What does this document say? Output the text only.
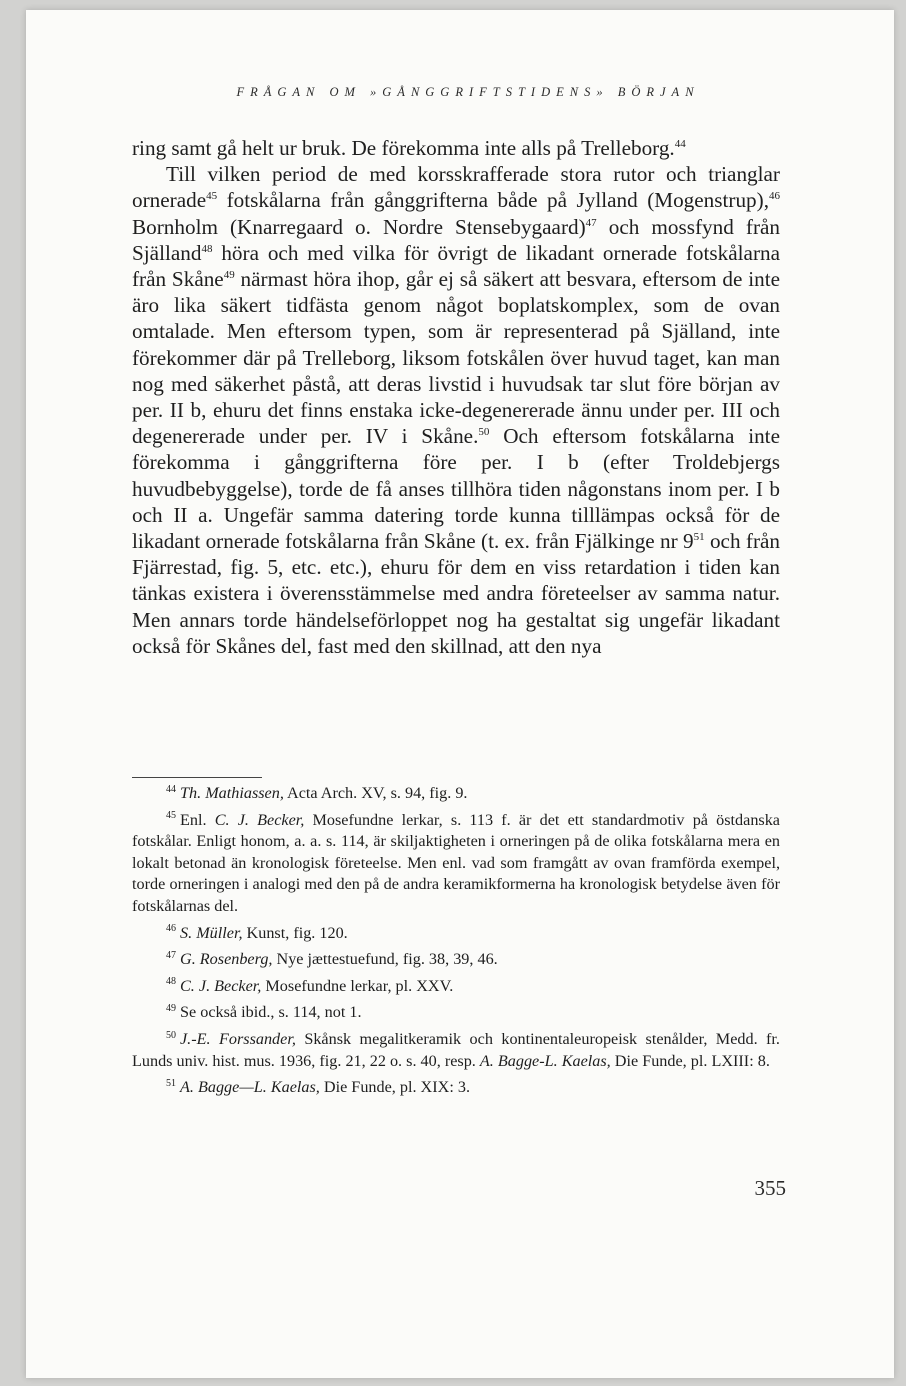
FRÅGAN OM »GÅNGGRIFTSTIDENS» BÖRJAN

ring samt gå helt ur bruk. De förekomma inte alls på Trelleborg.$^{44}$

Till vilken period de med korsskrafferade stora rutor och trianglar ornerade$^{45}$ fotskålarna från gånggrifterna både på Jylland (Mogenstrup),$^{46}$ Bornholm (Knarregaard o. Nordre Stensebygaard)$^{47}$ och mossfynd från Själland$^{48}$ höra och med vilka för övrigt de likadant ornerade fotskålarna från Skåne$^{49}$ närmast höra ihop, går ej så säkert att besvara, eftersom de inte äro lika säkert tidfästa genom något boplatskomplex, som de ovan omtalade. Men eftersom typen, som är representerad på Själland, inte förekommer där på Trelleborg, liksom fotskålen över huvud taget, kan man nog med säkerhet påstå, att deras livstid i huvudsak tar slut före början av per. II b, ehuru det finns enstaka icke-degenererade ännu under per. III och degenererade under per. IV i Skåne.$^{50}$ Och eftersom fotskålarna inte förekomma i gånggrifterna före per. I b (efter Troldebjergs huvudbebyggelse), torde de få anses tillhöra tiden någonstans inom per. I b och II a. Ungefär samma datering torde kunna tilllämpas också för de likadant ornerade fotskålarna från Skåne (t. ex. från Fjälkinge nr $9^{51}$ och från Fjärrestad, fig. 5, etc. etc.), ehuru för dem en viss retardation i tiden kan tänkas existera i överensstämmelse med andra företeelser av samma natur. Men annars torde händelseförloppet nog ha gestaltat sig ungefär likadant också för Skånes del, fast med den skillnad, att den nya

$^{44}$ Th. Mathiassen, Acta Arch. XV, s. 94, fig. 9.

$^{45}$ Enl. C. J. Becker, Mosefundne lerkar, s. 113 f. är det ett standardmotiv på östdanska fotskålar. Enligt honom, a. a. s. 114, är skiljaktigheten i orneringen på de olika fotskålarna mera en lokalt betonad än kronologisk företeelse. Men enl. vad som framgått av ovan framförda exempel, torde orneringen i analogi med den på de andra keramikformerna ha kronologisk betydelse även för fotskålarnas del.

$^{46}$ S. Müller, Kunst, fig. 120.

$^{47}$ G. Rosenberg, Nye jættestuefund, fig. 38, 39, 46.

$^{48}$ C. J. Becker, Mosefundne lerkar, pl. XXV.

$^{49}$ Se också ibid., s. 114, not 1.

$^{50}$ J.-E. Forssander, Skånsk megalitkeramik och kontinentaleuropeisk stenålder, Medd. fr. Lunds univ. hist. mus. 1936, fig. 21, 22 o. s. 40, resp. A. Bagge-L. Kaelas, Die Funde, pl. LXIII: 8.

$^{51}$ A. Bagge—L. Kaelas, Die Funde, pl. XIX: 3.

355
